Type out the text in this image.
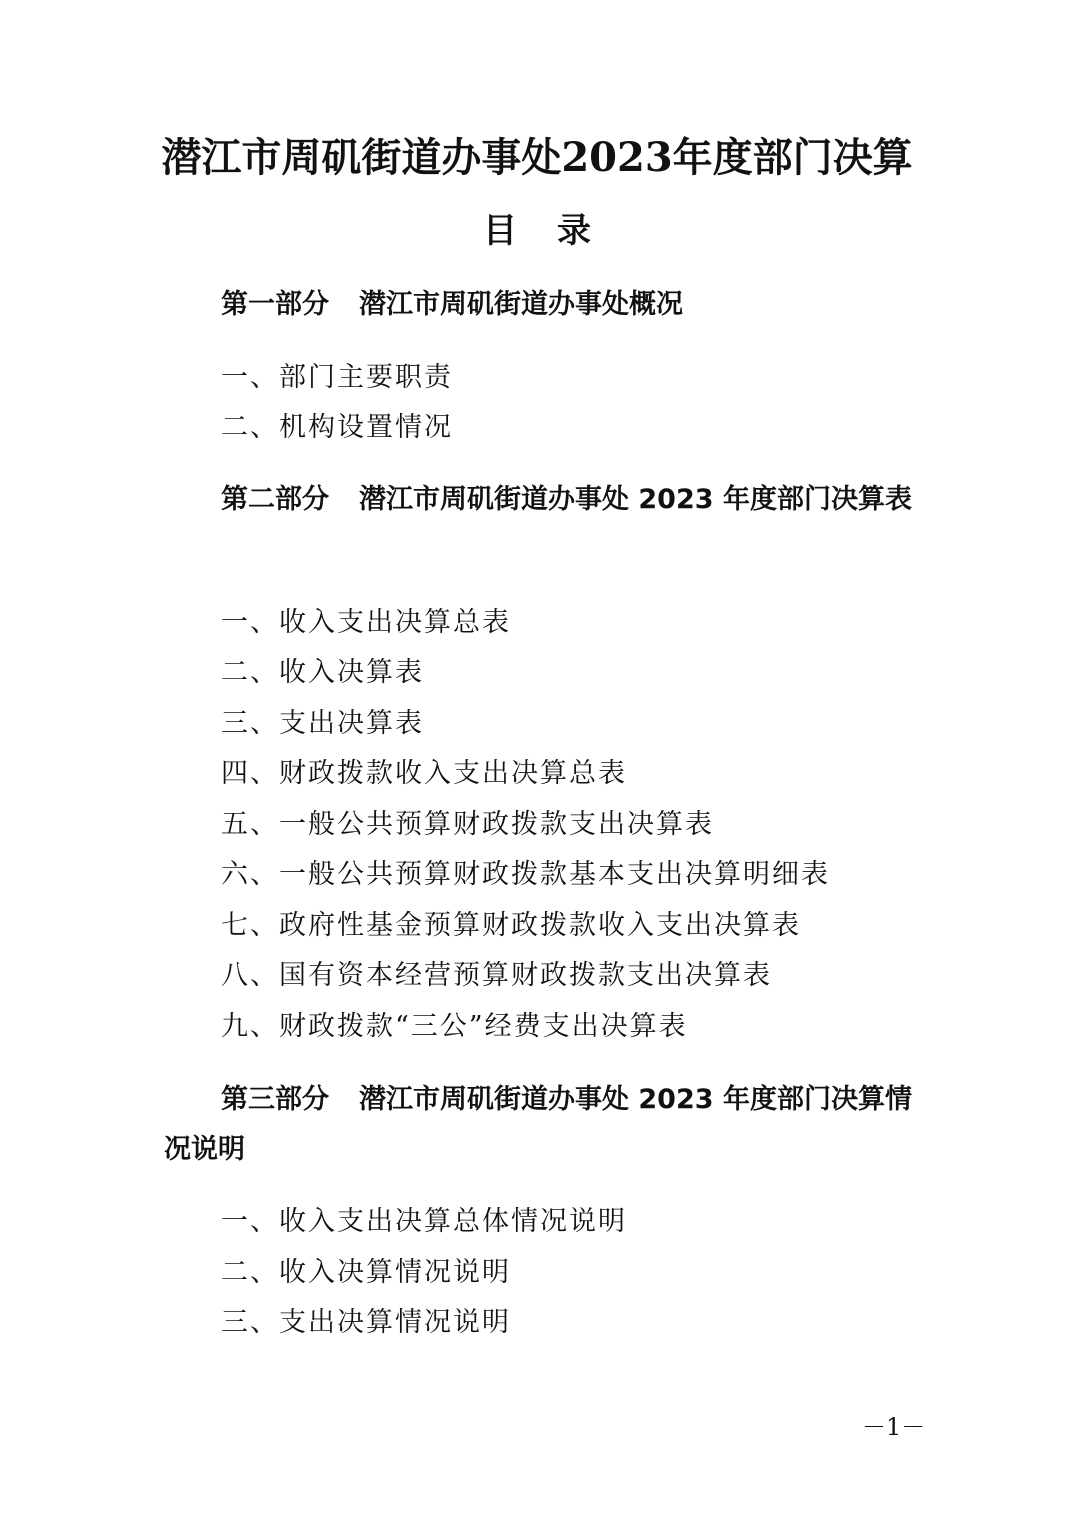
潜江市周矶街道办事处2023年度部门决算
目录
第一部分 潜江市周矶街道办事处概况
一、部门主要职责
二、机构设置情况
第二部分 潜江市周矶街道办事处 2023 年度部门决算表
一、收入支出决算总表
二、收入决算表
三、支出决算表
四、财政拨款收入支出决算总表
五、一般公共预算财政拨款支出决算表
六、一般公共预算财政拨款基本支出决算明细表
七、政府性基金预算财政拨款收入支出决算表
八、国有资本经营预算财政拨款支出决算表
九、财政拨款“三公”经费支出决算表
第三部分 潜江市周矶街道办事处 2023 年度部门决算情况说明
一、收入支出决算总体情况说明
二、收入决算情况说明
三、支出决算情况说明
－1－
